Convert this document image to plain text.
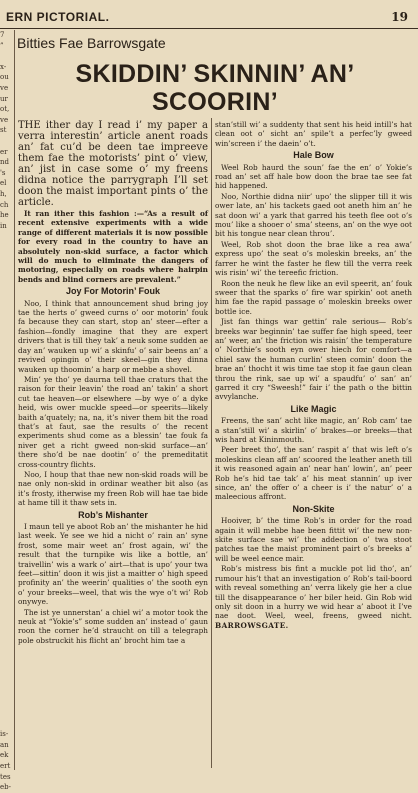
ERN PICTORIAL.	19
7
”

x-
ou
ve
ur
ot,
ve
st

er
nd
's
el
h,
ch
he
in

is-
an
ek
ert
tes
eb-
Bitties Fae Barrowsgate
SKIDDIN’ SKINNIN’ AN’
SCOORIN’

THE ither day I read i’ my paper a verra interestin’ article anent roads an’ fat cu’d be deen tae impreeve them fae the motorists’ pint o’ view, an’ jist in case some o’ my freens didna notice the parrygraph I’ll set doon the maist important pints o’ the article.

It ran ither this fashion :—“As a result of recent extensive experiments with a wide range of different materials it is now possible for every road in the country to have an absolutely non-skid surface, a factor which will do much to eliminate the dangers of motoring, especially on roads where hairpin bends and blind corners are prevalent.”

Joy For Motorin’ Fouk

Noo, I think that announcement shud bring joy tae the herts o’ gweed curns o’ oor motorin’ fouk fa because they can start, stop an’ steer—efter a fashion—fondly imagine that they are expert drivers that is till they tak’ a neuk some sudden ae day an’ wauken up wi’ a skinfu’ o’ sair beens an’ a revived opingin o’ their skeel—gin they dinna wauken up thoomin’ a harp or mebbe a shovel.

Min’ ye tho’ ye daurna tell thae craturs that the raison for their leavin’ the road an’ takin’ a short cut tae heaven—or elsewhere —by wye o’ a dyke heid, wis ower muckle speed—or speerits—likely baith a’quately; na, na, it’s niver them bit the road that’s at faut, sae the results o’ the recent experiments shud come as a blessin’ tae fouk fa niver get a richt gweed non-skid surface—an’ there sho’d be nae dootin’ o’ the premeditatit cross-country flichts.

Noo, I houp that thae new non-skid roads will be nae only non-skid in ordinar weather bit also (as it’s frosty, itherwise my freen Rob will hae tae bide at hame till it thaw sets in.

Rob’s Mishanter

I maun tell ye aboot Rob an’ the mishanter he hid last week. Ye see we hid a nicht o’ rain an’ syne frost, some mair weet an’ frost again, wi’ the result that the turnpike wis like a bottle, an’ traivellin’ wis a wark o’ airt—that is upo’ your twa feet—sittin’ doon it wis jist a maitter o’ high speed profinity an’ the weerin’ qualities o’ the sooth eyn o’ your breeks—weel, that wis the wye o’t wi’ Rob onywye.

The ist ye unnerstan’ a chiel wi’ a motor took the neuk at “Yokie’s” some sudden an’ instead o’ gaun roon the corner he’d straucht on till a telegraph pole obstruckit his flicht an’ brocht him tae a

stan’still wi’ a suddenty that sent his heid intill’s hat clean oot o’ sicht an’ spile’t a perfec’ly gweed win’screen i’ the daein’ o’t.

Hale Bow

Weel Rob haurd the soun’ fae the en’ o’ Yokie’s road an’ set aff hale bow doon the brae tae see fat hid happened.

Noo, Northie didna niir’ upo’ the slipper till it wis ower late, an’ his tackets gaed oot aneth him an’ he sat doon wi’ a yark that garred his teeth flee oot o’s mou’ like a shooer o’ sma’ steens, an’ on the wye oot bit his tongue near clean throu’.

Weel, Rob shot doon the brae like a rea awa’ express upo’ the seat o’s moleskin breeks, an’ the farrer he wint the faster he flew till the verra reek wis risin’ wi’ the tereefic friction.

Roon the neuk he flew like an evil speerit, an’ fouk sweer that the sparks o’ fire war spirkin’ oot aneth him fae the rapid passage o’ moleskin breeks ower bottle ice.

Jist fan things war gettin’ rale serious— Rob’s breeks war beginnin’ tae suffer fae high speed, teer an’ weer, an’ the friction wis raisin’ the temperature o’ Northie’s sooth eyn ower hiech for comfort—a chiel saw the human curlin’ steen comin’ doon the brae an’ thocht it wis time tae stop it fae gaun clean throu the rink, sae up wi’ a spaudfu’ o’ san’ an’ garred it cry “Sweesh!” fair i’ the path o the bittin avvylanche.

Like Magic

Freens, the san’ acht like magic, an’ Rob cam’ tae a stan’still wi’ a skirlin’ o’ brakes—or breeks—that wis hard at Kininmouth.

Peer breet tho’, the san’ raspit a’ that wis left o’s moleskins clean aff an’ scoored the leather aneth till it wis reasoned again an’ near han’ lowin’, an’ peer Rob he’s hid tae tak’ a’ his meat stannin’ up iver since, an’ the offer o’ a cheer is i’ the natur’ o’ a maleecious affront.

Non-Skite

Hooiver, b’ the time Rob’s in order for the road again it will mebbe hae been fittit wi’ the new non-skite surface sae wi’ the addection o’ twa stoot patches tae the maist prominent pairt o’s breeks a’ will be weel eence mair.

Rob’s mistress bis fint a muckle pot lid tho’, an’ rumour his’t that an investigation o’ Rob’s tail-boord with reveal something an’ verra likely gie her a clue till the disappearance o’ her biler heid. Gin Rob wid only sit doon in a hurry we wid hear a’ aboot it I’ve nae doot. Weel, weel, freens, gweed nicht. BARROWSGATE.
